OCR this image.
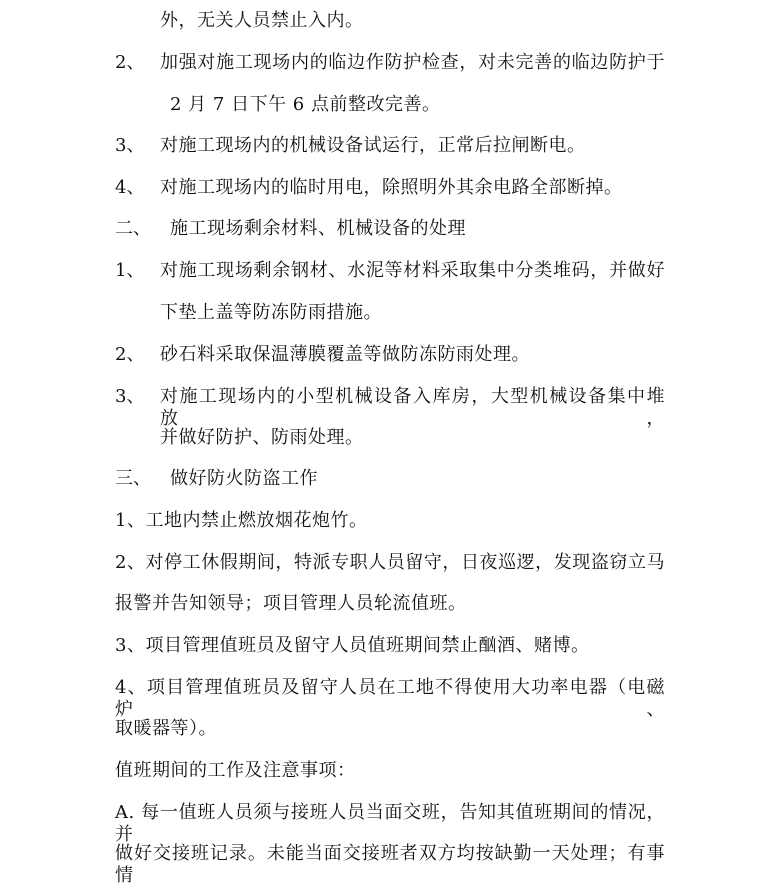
外，无关人员禁止入内。
2、 加强对施工现场内的临边作防护检查，对未完善的临边防护于
2 月 7 日下午 6 点前整改完善。
3、 对施工现场内的机械设备试运行，正常后拉闸断电。
4、 对施工现场内的临时用电，除照明外其余电路全部断掉。
二、 施工现场剩余材料、机械设备的处理
1、 对施工现场剩余钢材、水泥等材料采取集中分类堆码，并做好
下垫上盖等防冻防雨措施。
2、 砂石料采取保温薄膜覆盖等做防冻防雨处理。
3、 对施工现场内的小型机械设备入库房，大型机械设备集中堆放，
并做好防护、防雨处理。
三、 做好防火防盗工作
1、工地内禁止燃放烟花炮竹。
2、对停工休假期间，特派专职人员留守，日夜巡逻，发现盗窃立马
报警并告知领导；项目管理人员轮流值班。
3、项目管理值班员及留守人员值班期间禁止酗酒、赌博。
4、项目管理值班员及留守人员在工地不得使用大功率电器（电磁炉、
取暖器等）。
值班期间的工作及注意事项：
A. 每一值班人员须与接班人员当面交班，告知其值班期间的情况，并
做好交接班记录。未能当面交接班者双方均按缺勤一天处理；有事情
